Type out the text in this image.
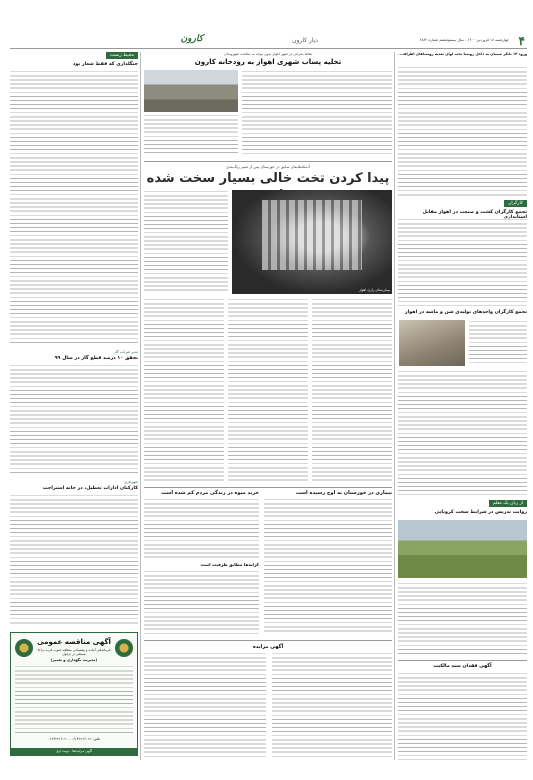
۴
چهارشنبه ۱۸ فروردین ۱۴۰۰ - سال بیستوششم شماره ۶۸۸۲
دیار کارون
کارون
ورود ۱۴ تانکر سیمان به داخل روستا تحت لوای تغذیه روستاهای اطراف...
کارگران
تجمع کارگران کشت و صنعت در اهواز مقابل
تجمع کارگران واحدهای تولیدی شن و ماسه در اهواز
از زبان یک معلم
روایت تدریس در شرایط سخت کرونایی
آگهی فقدان سند مالکیت
نقاط بحرانی در شهر اهواز بدون توجه به سلامت شهروندان
تخلیه پساب شهری اهواز به رودخانه کارون
آدمکه‌هایمان سابق در خوزستان پس از تغییر رنگ‌بندی
پیدا کردن تخت خالی بسیار سخت شده
بیمارستان رازی اهواز
بیماری در خوزستان به اوج رسیده است
خرید میوه در زندگی مردم کم شده است
کرایه‌ها مطابق ظرفیت است
آگهی مزایده
محیط زیست
جنگلداری که فقط شعار بود
مدیر شرکت گاز
تحقق ۱۰ درصد قطع گاز در سال ۹۹
شهرداری
کارکنان ادارات تعطیل، در خانه استراحت
آگهی مناقصه عمومی
فرماندهی آماده و پشتیبانی منطقه جنوب غرب نزاجا مستقر در دزفول
(مدیریت نگهداری و تعمیر)
تلفن: ۰۶۱۴۲۲۱۶۰۲۱ - ۰۶۱۴۲۲۱۶۰۲۰
آگهی مزایده‌ها - نوبت اول
